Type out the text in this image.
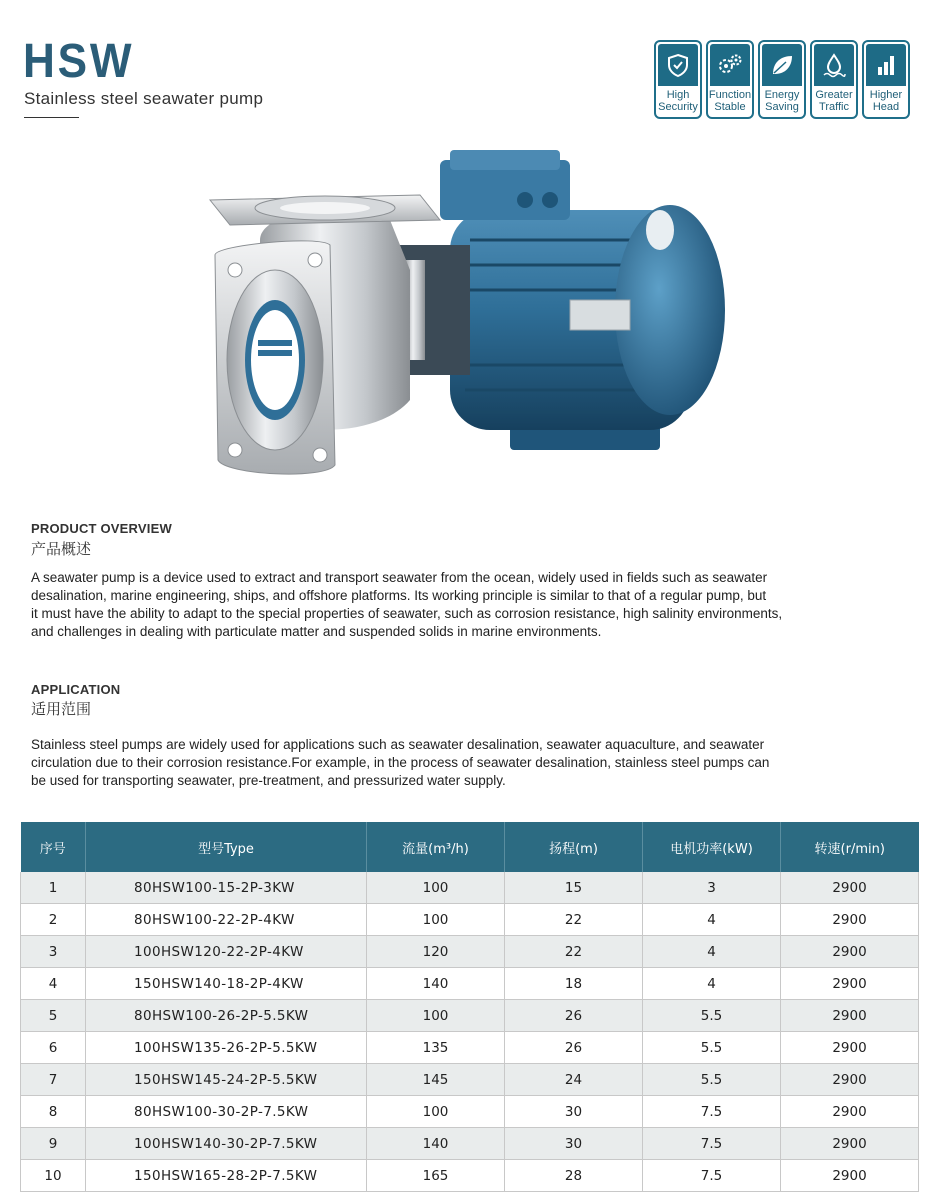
HSW
Stainless steel seawater pump	High
Security
Function
Stable
Energy
Saving
Greater
Traffic
Higher
Head
PRODUCT OVERVIEW
产品概述
A seawater pump is a device used to extract and transport seawater from the ocean, widely used in fields such as seawater
desalination, marine engineering, ships, and offshore platforms. Its working principle is similar to that of a regular pump, but
it must have the ability to adapt to the special properties of seawater, such as corrosion resistance, high salinity environments,
and challenges in dealing with particulate matter and suspended solids in marine environments.
APPLICATION
适用范围
Stainless steel pumps are widely used for applications such as seawater desalination, seawater aquaculture, and seawater
circulation due to their corrosion resistance.For example, in the process of seawater desalination, stainless steel pumps can
be used for transporting seawater, pre-treatment, and pressurized water supply.
序号	型号Type	流量(m³/h)	扬程(m)	电机功率(kW)	转速(r/min)
1	80HSW100-15-2P-3KW	100	15	3	2900
2	80HSW100-22-2P-4KW	100	22	4	2900
3	100HSW120-22-2P-4KW	120	22	4	2900
4	150HSW140-18-2P-4KW	140	18	4	2900
5	80HSW100-26-2P-5.5KW	100	26	5.5	2900
6	100HSW135-26-2P-5.5KW	135	26	5.5	2900
7	150HSW145-24-2P-5.5KW	145	24	5.5	2900
8	80HSW100-30-2P-7.5KW	100	30	7.5	2900
9	100HSW140-30-2P-7.5KW	140	30	7.5	2900
10	150HSW165-28-2P-7.5KW	165	28	7.5	2900
